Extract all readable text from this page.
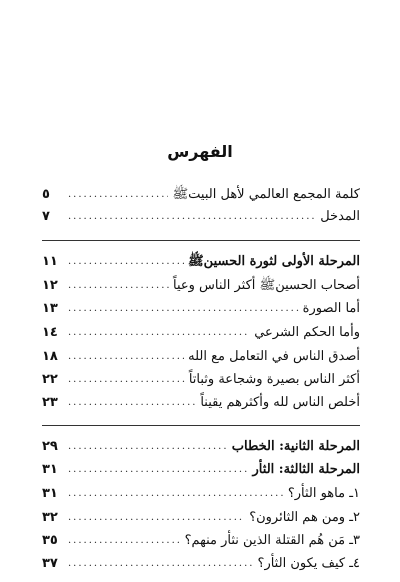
الفهرس
كلمة المجمع العالمي لأهل البيتﷺ
.....
٥
المدخل
.....
٧
المرحلة الأولى لثورة الحسينﷺ
.....
١١
أصحاب الحسينﷺ أكثر الناس وعياً
.....
١٢
أما الصورة
.....
١٣
وأما الحكم الشرعي
.....
١٤
أصدق الناس في التعامل مع الله
.....
١٨
أكثر الناس بصيرة وشجاعة وثباتاً
.....
٢٢
أخلص الناس لله وأكثرهم يقيناً
.....
٢٣
المرحلة الثانية: الخطاب
.....
٢٩
المرحلة الثالثة: الثأر
.....
٣١
١ـ ماهو الثأر؟
.....
٣١
٢ـ ومن هم الثائرون؟
.....
٣٢
٣ـ مَن هُم القتلة الذين نثأر منهم؟
.....
٣٥
٤ـ كيف يكون الثأر؟
.....
٣٧
